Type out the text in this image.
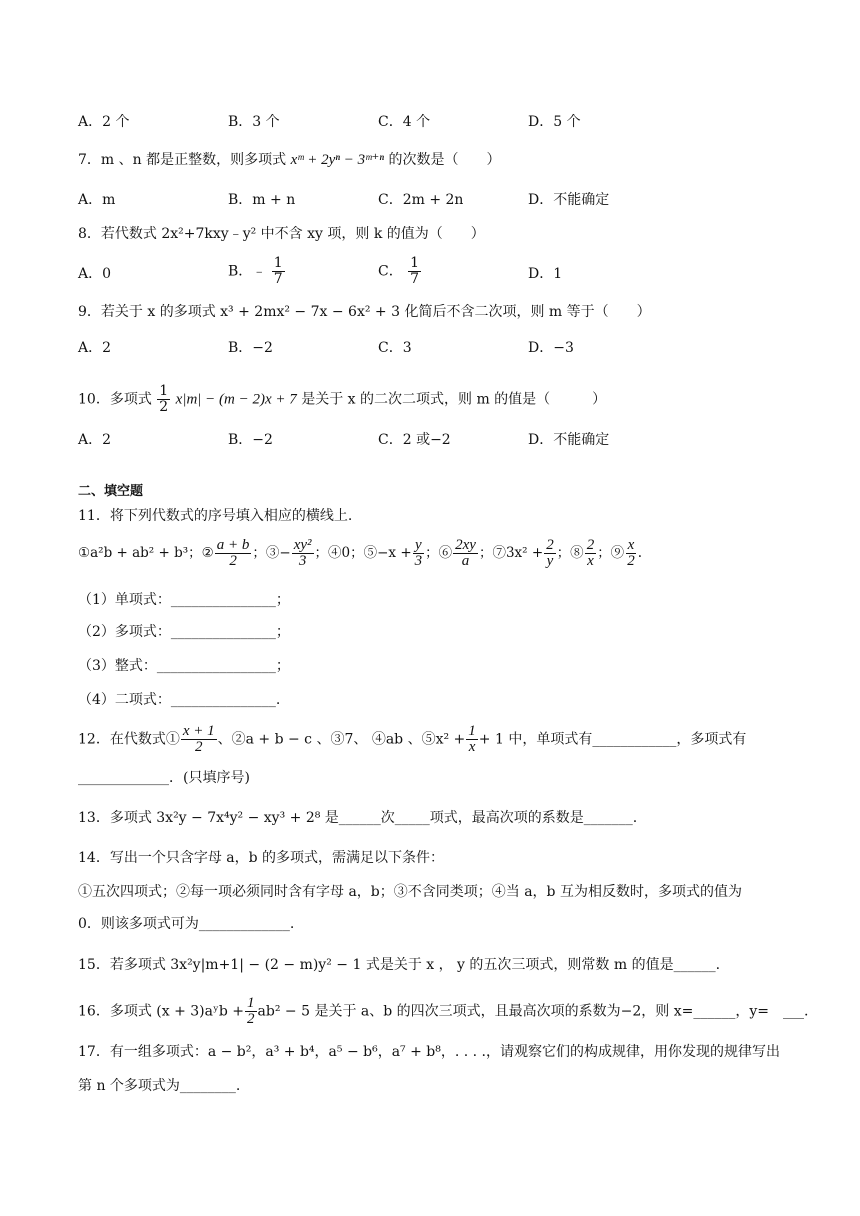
A．2 个	B．3 个	C．4 个	D．5 个
7．m 、n 都是正整数，则多项式 xᵐ + 2yⁿ − 3ᵐ⁺ⁿ 的次数是（　　）
A．m	B．m + n	C．2m + 2n	D．不能确定
8．若代数式 2x²+7kxy﹣y² 中不含 xy 项，则 k 的值为（　　）
A．0	B．﹣ $\frac{1}{7}$	C． $\frac{1}{7}$	D．1
9．若关于 x 的多项式 x³ + 2mx² − 7x − 6x² + 3 化简后不含二次项，则 m 等于（　　）
A．2	B．−2	C．3	D．−3
10．多项式 $\frac{1}{2} x|m| - (m - 2)x + 7$ 是关于 x 的二次二项式，则 m 的值是（　　　）
A．2	B．−2	C．2 或−2	D．不能确定
二、填空题
11．将下列代数式的序号填入相应的横线上.
①a²b + ab² + b³；② $\frac{a + b}{2}$ ；③− $\frac{\text{xy²}}{3}$ ；④0；⑤−x + $\frac{y}{3}$ ；⑥ $\frac{2xy}{a}$ ；⑦3x² + $\frac{2}{y}$ ；⑧ $\frac{2}{x}$ ；⑨ $\frac{x}{2}$ .
（1）单项式：_______________；
（2）多项式：_______________；
（3）整式：_________________；
（4）二项式：_______________.
12．在代数式① $\frac{x + 1}{2}$ 、②a + b − c 、③7、 ④ab 、⑤x² + $\frac{1}{x} + 1$ 中，单项式有____________，多项式有
_____________．(只填序号)
13．多项式 3x²y − 7x⁴y² − xy³ + 2⁸ 是______次_____项式，最高次项的系数是_______.
14．写出一个只含字母 a，b 的多项式，需满足以下条件：
①五次四项式；②每一项必须同时含有字母 a，b；③不含同类项；④当 a，b 互为相反数时，多项式的值为
0．则该多项式可为_____________.
15．若多项式 3x²y|m+1| − (2 − m)y² − 1 式是关于 x ， y 的五次三项式，则常数 m 的值是______.
16．多项式 (x + 3)aʸb + $\frac{1}{2} ab^2 - 5$ 是关于 a、b 的四次三项式，且最高次项的系数为−2，则 x=______，y=　___.
17．有一组多项式：a − b²，a³ + b⁴，a⁵ − b⁶，a⁷ + b⁸，. . . .，请观察它们的构成规律，用你发现的规律写出
第 n 个多项式为________.
